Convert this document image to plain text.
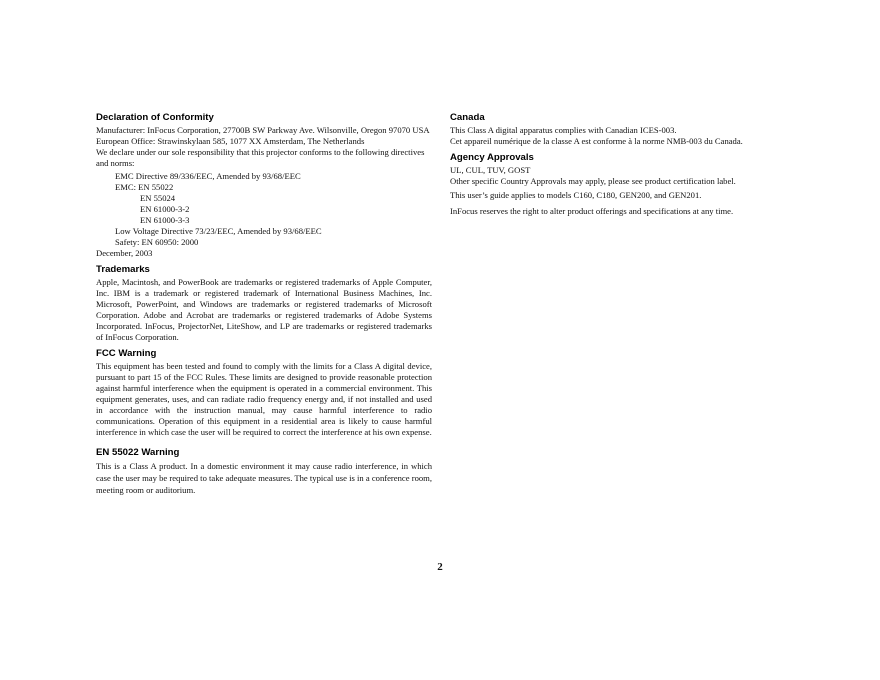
Declaration of Conformity

Manufacturer: InFocus Corporation, 27700B SW Parkway Ave. Wilsonville, Oregon 97070 USA

European Office: Strawinskylaan 585, 1077 XX Amsterdam, The Netherlands

We declare under our sole responsibility that this projector conforms to the following directives and norms:

EMC Directive 89/336/EEC, Amended by 93/68/EEC
EMC: EN 55022
EN 55024
EN 61000-3-2
EN 61000-3-3
Low Voltage Directive 73/23/EEC, Amended by 93/68/EEC
Safety: EN 60950: 2000

December, 2003

Trademarks

Apple, Macintosh, and PowerBook are trademarks or registered trademarks of Apple Computer, Inc. IBM is a trademark or registered trademark of International Business Machines, Inc. Microsoft, PowerPoint, and Windows are trademarks or registered trademarks of Microsoft Corporation. Adobe and Acrobat are trademarks or registered trademarks of Adobe Systems Incorporated. InFocus, ProjectorNet, LiteShow, and LP are trademarks or registered trademarks of InFocus Corporation.

FCC Warning

This equipment has been tested and found to comply with the limits for a Class A digital device, pursuant to part 15 of the FCC Rules. These limits are designed to provide reasonable protection against harmful interference when the equipment is operated in a commercial environment. This equipment generates, uses, and can radiate radio frequency energy and, if not installed and used in accordance with the instruction manual, may cause harmful interference to radio communications. Operation of this equipment in a residential area is likely to cause harmful interference in which case the user will be required to correct the interference at his own expense.

EN 55022 Warning

This is a Class A product. In a domestic environment it may cause radio interference, in which case the user may be required to take adequate measures. The typical use is in a conference room, meeting room or auditorium.

Canada

This Class A digital apparatus complies with Canadian ICES-003.

Cet appareil numérique de la classe A est conforme à la norme NMB-003 du Canada.

Agency Approvals

UL, CUL, TUV, GOST

Other specific Country Approvals may apply, please see product certification label.

This user’s guide applies to models C160, C180, GEN200, and GEN201.

InFocus reserves the right to alter product offerings and specifications at any time.

2
